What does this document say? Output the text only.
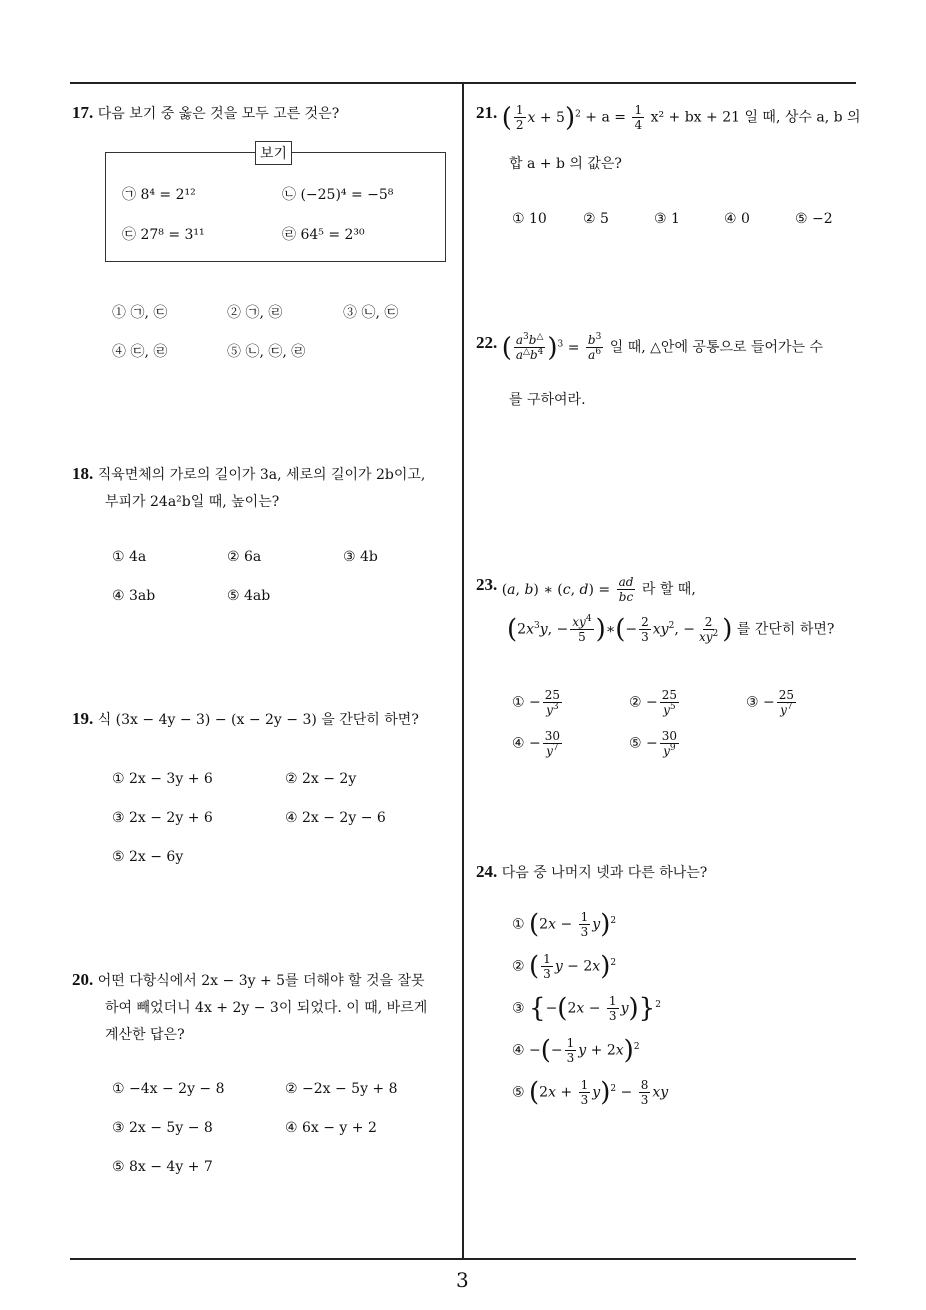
3
17. 다음 보기 중 옳은 것을 모두 고른 것은?
보기
㉠ 8⁴ = 2¹²	㉡ (−25)⁴ = −5⁸
㉢ 27⁸ = 3¹¹	㉣ 64⁵ = 2³⁰
① ㉠, ㉢	② ㉠, ㉣	③ ㉡, ㉢
④ ㉢, ㉣	⑤ ㉡, ㉢, ㉣
18. 직육면체의 가로의 길이가 3a, 세로의 길이가 2b이고,
부피가 24a²b일 때, 높이는?
① 4a	② 6a	③ 4b
④ 3ab	⑤ 4ab
19. 식 (3x − 4y − 3) − (x − 2y − 3) 을 간단히 하면?
① 2x − 3y + 6	② 2x − 2y
③ 2x − 2y + 6	④ 2x − 2y − 6
⑤ 2x − 6y
20. 어떤 다항식에서 2x − 3y + 5를 더해야 할 것을 잘못
하여 빼었더니 4x + 2y − 3이 되었다. 이 때, 바르게
계산한 답은?
① −4x − 2y − 8	② −2x − 5y + 8
③ 2x − 5y − 8	④ 6x − y + 2
⑤ 8x − 4y + 7
21. ( $\frac{1}{2}$ $x + 5)^2 + a = \frac{1}{4} x^2$ + bx + 21 일 때, 상수 a, b 의
합 a + b 의 값은?
① 10	② 5	③ 1	④ 0	⑤ −2
22. ( $\frac{a^3b^\triangle}{a^\triangle b^4} )^3 = \frac{b^3}{a^6}$ 일 때, △안에 공통으로 들어가는 수
를 구하여라.
23. (a, b) ∗ (c, $d) = \frac{ad}{bc}$ 라 할 때,
($2x^3y$, − $\frac{xy^4}{5}$ )∗(− $\frac{2}{3} xy^2$, − $\frac{2}{xy^2}$ ) 를 간단히 하면?
① − $\frac{25}{y^3}$	② − $\frac{25}{y^5}$	③ − $\frac{25}{y^7}$
④ − $\frac{30}{y^7}$	⑤ − $\frac{30}{y^9}$
24. 다음 중 나머지 넷과 다른 하나는?
① $(2x - \frac{1}{3} y)^2$
② ( $\frac{1}{3}$ y − 2x)$^2$
③ $\{-(2x - \frac{1}{3} y)\}^2$
④ −(− $\frac{1}{3}$ y + 2x)$^2$
⑤ $(2x + \frac{1}{3} y)^2 - \frac{8}{3}$ xy
